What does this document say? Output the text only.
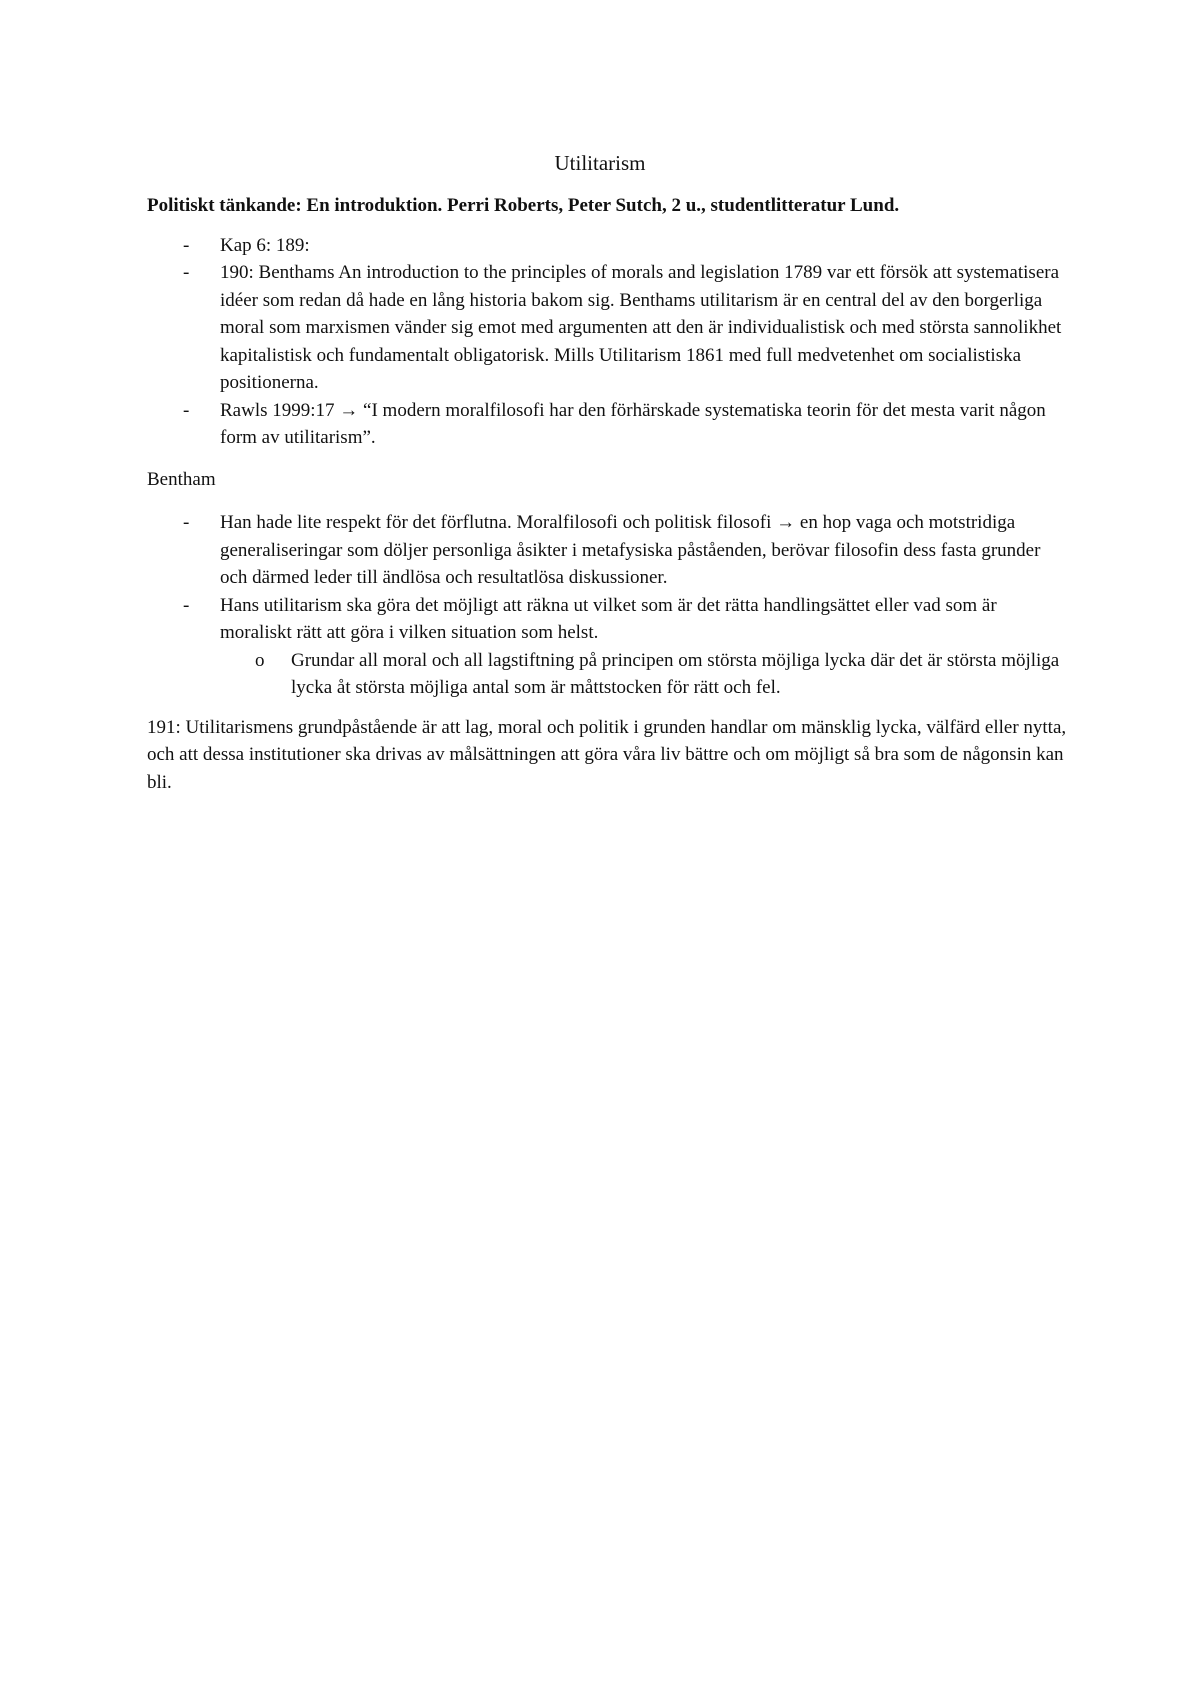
Utilitarism

Politiskt tänkande: En introduktion. Perri Roberts, Peter Sutch, 2 u., studentlitteratur Lund.

- Kap 6: 189:
- 190: Benthams An introduction to the principles of morals and legislation 1789 var ett försök att systematisera idéer som redan då hade en lång historia bakom sig. Benthams utilitarism är en central del av den borgerliga moral som marxismen vänder sig emot med argumenten att den är individualistisk och med största sannolikhet kapitalistisk och fundamentalt obligatorisk. Mills Utilitarism 1861 med full medvetenhet om socialistiska positionerna.
- Rawls 1999:17 → “I modern moralfilosofi har den förhärskade systematiska teorin för det mesta varit någon form av utilitarism”.

Bentham

- Han hade lite respekt för det förflutna. Moralfilosofi och politisk filosofi → en hop vaga och motstridiga generaliseringar som döljer personliga åsikter i metafysiska påståenden, berövar filosofin dess fasta grunder och därmed leder till ändlösa och resultatlösa diskussioner.
- Hans utilitarism ska göra det möjligt att räkna ut vilket som är det rätta handlingsättet eller vad som är moraliskt rätt att göra i vilken situation som helst.
o Grundar all moral och all lagstiftning på principen om största möjliga lycka där det är största möjliga lycka åt största möjliga antal som är måttstocken för rätt och fel.

191: Utilitarismens grundpåstående är att lag, moral och politik i grunden handlar om mänsklig lycka, välfärd eller nytta, och att dessa institutioner ska drivas av målsättningen att göra våra liv bättre och om möjligt så bra som de någonsin kan bli.
